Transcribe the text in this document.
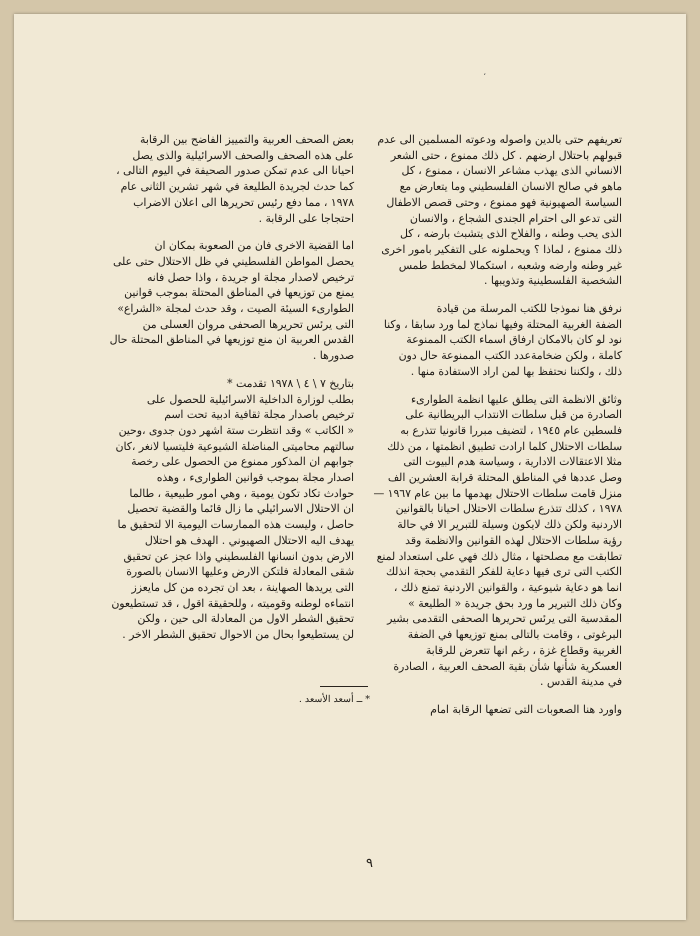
،

تعريفهم حتى بالدين واصوله ودعوته المسلمين الى عدم

قبولهم باحتلال ارضهم . كل ذلك ممنوع ، حتى الشعر

الانساني الذى يهذب مشاعر الانسان ، ممنوع ، كل

ماهو في صالح الانسان الفلسطيني وما يتعارض مع

السياسة الصهيونية فهو ممنوع ، وحتى قصص الاطفال

التى تدعو الى احترام الجندى الشجاع ، والانسان

الذى يحب وطنه ، والفلاح الذى يتشبث بارضه ، كل

ذلك ممنوع ، لماذا ؟ ويحملونه على التفكير بامور اخرى

غير وطنه وارضه وشعبه ، استكمالا لمخطط طمس

الشخصية الفلسطينية وتذويبها .

نرفق هنا نموذجا للكتب المرسلة من قيادة

الضفة الغربية المحتلة وفيها نماذج لما ورد سابقا ، وكنا

نود لو كان بالامكان ارفاق اسماء الكتب الممنوعة

كاملة ، ولكن ضخامةعدد الكتب الممنوعة حال دون

ذلك ، ولكننا نحتفظ بها لمن اراد الاستفادة منها .

وثائق الانظمة التى يطلق عليها انظمة الطوارىء

الصادرة من قبل سلطات الانتداب البريطانية على

فلسطين عام ١٩٤٥ ، لتضيف مبررا قانونيا تتذرع به

سلطات الاحتلال كلما ارادت تطبيق انظمتها ، من ذلك

مثلا الاعتقالات الادارية ، وسياسة هدم البيوت التى

وصل عددها في المناطق المحتلة قرابة العشرين الف

منزل قامت سلطات الاحتلال بهدمها ما بين عام ١٩٦٧ —

١٩٧٨ ، كذلك تتذرع سلطات الاحتلال احيانا بالقوانين

الاردنية ولكن ذلك لايكون وسيلة للتبرير الا في حالة

رؤية سلطات الاحتلال لهذه القوانين والانظمة وقد

تطابقت مع مصلحتها ، مثال ذلك فهي على استعداد لمنع

الكتب التى ترى فيها دعاية للفكر التقدمي بحجة انذلك

انما هو دعاية شيوعية ، والقوانين الاردنية تمنع ذلك ،

وكان ذلك التبرير ما ورد بحق جريدة « الطليعة »

المقدسية التى يرئس تحريرها الصحفى التقدمى بشير

البرغوتى ، وقامت بالتالى بمنع توزيعها في الضفة

الغربية وقطاع غزة ، رغم انها تتعرض للرقابة

العسكرية شأنها شأن بقية الصحف العربية ، الصادرة

في مدينة القدس .

واورد هنا الصعوبات التى تضعها الرقابة امام

بعض الصحف العربية والتمييز الفاضح بين الرقابة

على هذه الصحف والصحف الاسرائيلية والذى يصل

احيانا الى عدم تمكن صدور الصحيفة في اليوم التالى ،

كما حدث لجريدة الطليعة في شهر تشرين الثانى عام

١٩٧٨ ، مما دفع رئيس تحريرها الى اعلان الاضراب

احتجاجا على الرقابة .

اما القضية الاخرى فان من الصعوبة بمكان ان

يحصل المواطن الفلسطيني في ظل الاحتلال حتى على

ترخيص لاصدار مجلة او جريدة ، واذا حصل فانه

يمنع من توزيعها في المناطق المحتلة بموجب قوانين

الطوارىء السيئة الصيت ، وقد حدث لمجلة «الشراع»

التى يرئس تحريرها الصحفى مروان العسلى من

القدس العربية ان منع توزيعها في المناطق المحتلة حال

صدورها .

بتاريخ ٧ \ ٤ \ ١٩٧٨ تقدمت *

بطلب لوزارة الداخلية الاسرائيلية للحصول على

ترخيص باصدار مجلة ثقافية ادبية تحت اسم

« الكاتب » وقد انتظرت ستة اشهر دون جدوى ،وحين

سالتهم محاميتى المناضلة الشيوعية فليتسيا لانغر ،كان

جوابهم ان المذكور ممنوع من الحصول على رخصة

اصدار مجلة بموجب قوانين الطوارىء ، وهذه

حوادث تكاد تكون يومية ، وهي امور طبيعية ، طالما

ان الاحتلال الاسرائيلي ما زال قائما والقضية تحصيل

حاصل ، وليست هذه الممارسات اليومية الا لتحقيق ما

يهدف اليه الاحتلال الصهيوني . الهدف هو احتلال

الارض بدون انسانها الفلسطيني واذا عجز عن تحقيق

شقى المعادلة فلتكن الارض وعليها الانسان بالصورة

التى يريدها الصهاينة ، بعد ان تجرده من كل مايعزز

انتماءه لوطنه وقوميته ، وللحقيقة اقول ، قد تستطيعون

تحقيق الشطر الاول من المعادلة الى حين ، ولكن

لن يستطيعوا بحال من الاحوال تحقيق الشطر الاخر .

* ــ أسعد الأسعد .
٩
